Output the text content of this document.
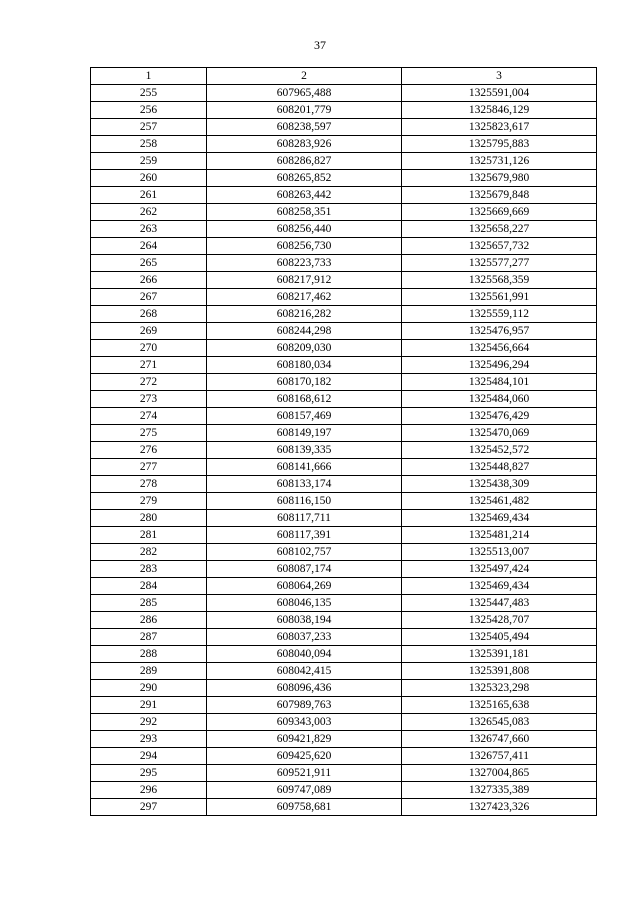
37
1	2	3
255	607965,488	1325591,004
256	608201,779	1325846,129
257	608238,597	1325823,617
258	608283,926	1325795,883
259	608286,827	1325731,126
260	608265,852	1325679,980
261	608263,442	1325679,848
262	608258,351	1325669,669
263	608256,440	1325658,227
264	608256,730	1325657,732
265	608223,733	1325577,277
266	608217,912	1325568,359
267	608217,462	1325561,991
268	608216,282	1325559,112
269	608244,298	1325476,957
270	608209,030	1325456,664
271	608180,034	1325496,294
272	608170,182	1325484,101
273	608168,612	1325484,060
274	608157,469	1325476,429
275	608149,197	1325470,069
276	608139,335	1325452,572
277	608141,666	1325448,827
278	608133,174	1325438,309
279	608116,150	1325461,482
280	608117,711	1325469,434
281	608117,391	1325481,214
282	608102,757	1325513,007
283	608087,174	1325497,424
284	608064,269	1325469,434
285	608046,135	1325447,483
286	608038,194	1325428,707
287	608037,233	1325405,494
288	608040,094	1325391,181
289	608042,415	1325391,808
290	608096,436	1325323,298
291	607989,763	1325165,638
292	609343,003	1326545,083
293	609421,829	1326747,660
294	609425,620	1326757,411
295	609521,911	1327004,865
296	609747,089	1327335,389
297	609758,681	1327423,326
